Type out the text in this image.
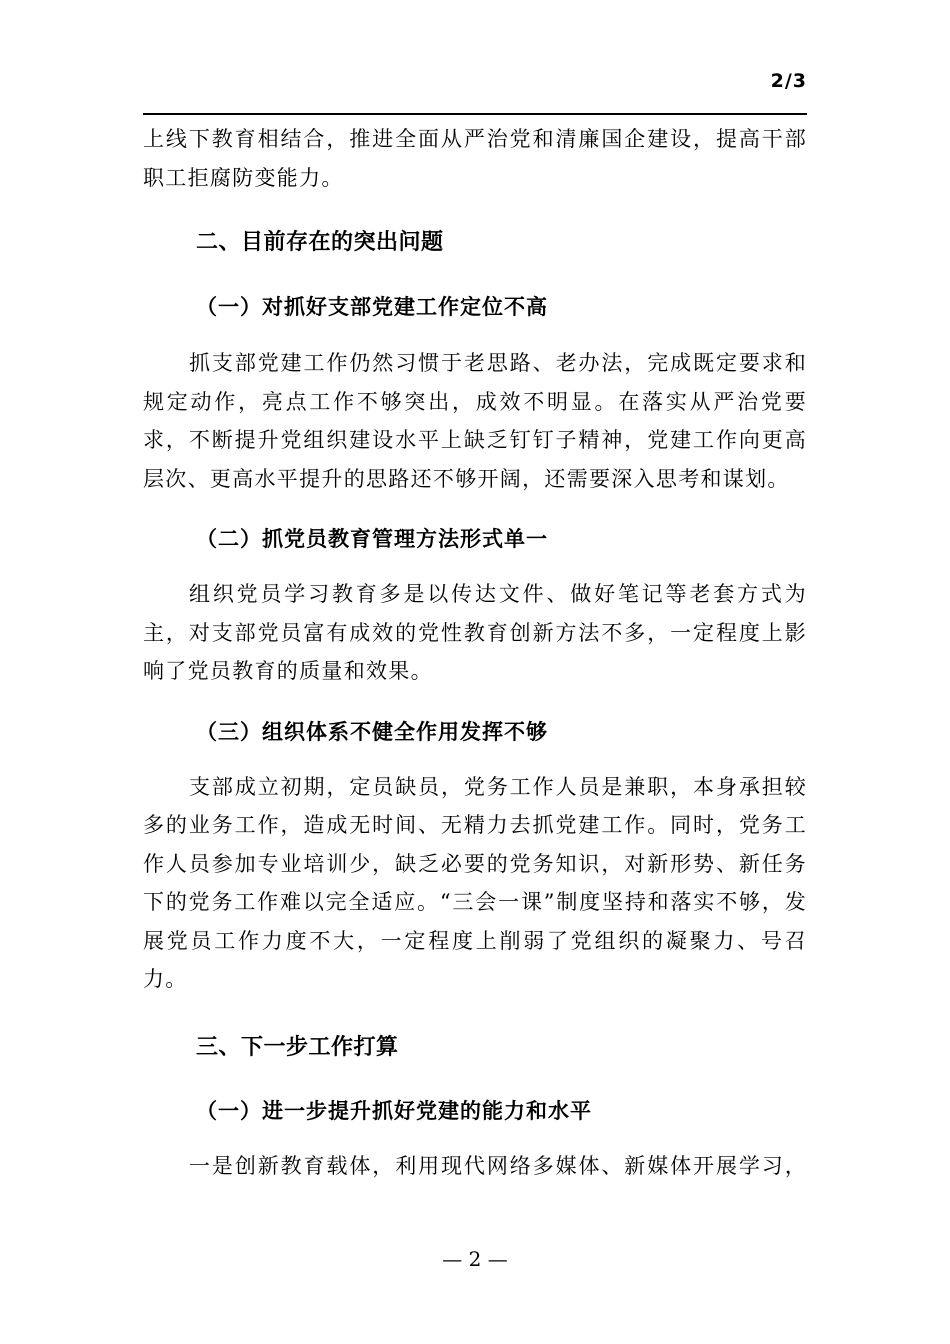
2/3

上线下教育相结合，推进全面从严治党和清廉国企建设，提高干部职工拒腐防变能力。

二、目前存在的突出问题
（一）对抓好支部党建工作定位不高

抓支部党建工作仍然习惯于老思路、老办法，完成既定要求和规定动作，亮点工作不够突出，成效不明显。在落实从严治党要求，不断提升党组织建设水平上缺乏钉钉子精神，党建工作向更高层次、更高水平提升的思路还不够开阔，还需要深入思考和谋划。

（二）抓党员教育管理方法形式单一

组织党员学习教育多是以传达文件、做好笔记等老套方式为主，对支部党员富有成效的党性教育创新方法不多，一定程度上影响了党员教育的质量和效果。

（三）组织体系不健全作用发挥不够

支部成立初期，定员缺员，党务工作人员是兼职，本身承担较多的业务工作，造成无时间、无精力去抓党建工作。同时，党务工作人员参加专业培训少，缺乏必要的党务知识，对新形势、新任务下的党务工作难以完全适应。“三会一课”制度坚持和落实不够，发展党员工作力度不大，一定程度上削弱了党组织的凝聚力、号召力。

三、下一步工作打算
（一）进一步提升抓好党建的能力和水平

一是创新教育载体，利用现代网络多媒体、新媒体开展学习，

— 2 —
